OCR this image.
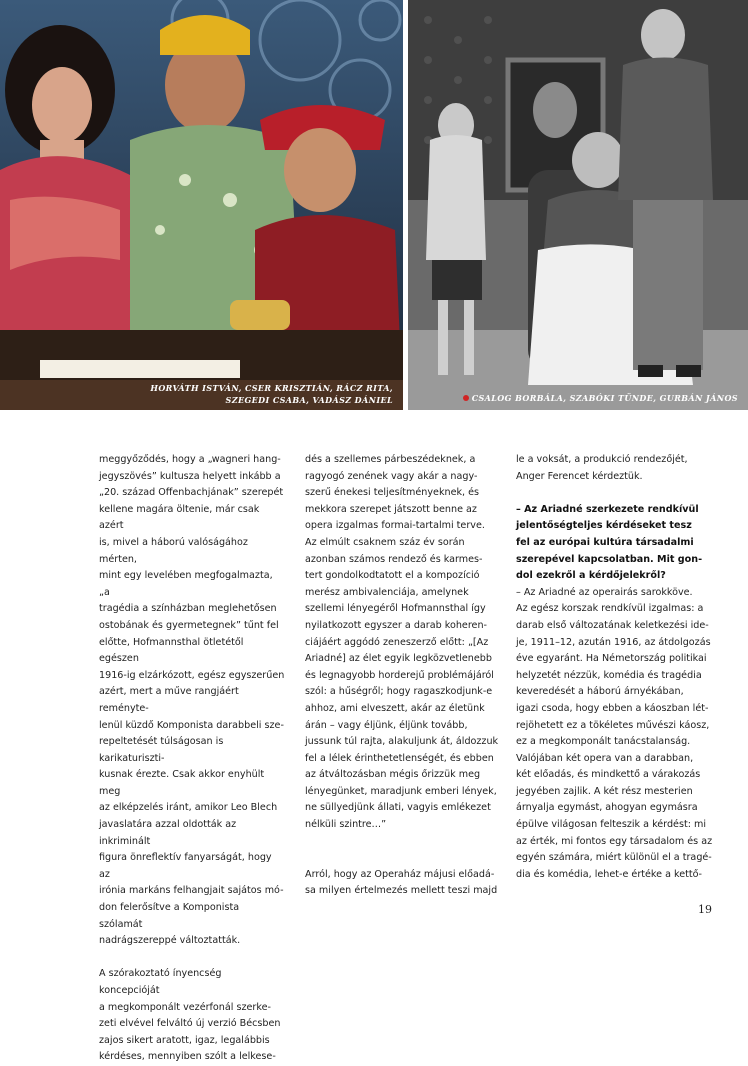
HORVÁTH ISTVÁN, CSER KRISZTIÁN, RÁCZ RITA,
SZEGEDI CSABA, VADÁSZ DÁNIEL	CSALOG BORBÁLA, SZABÓKI TÜNDE, GURBÁN JÁNOS

meggyőződés, hogy a „wagneri hang-

jegyszövés” kultusza helyett inkább a

„20. század Offenbachjának” szerepét

kellene magára öltenie, már csak azért

is, mivel a háború valóságához mérten,

mint egy levelében megfogalmazta, „a

tragédia a színházban meglehetősen

ostobának és gyermetegnek” tűnt fel

előtte, Hofmannsthal ötletétől egészen

1916-ig elzárkózott, egész egyszerűen

azért, mert a műve rangjáért reményte-

lenül küzdő Komponista darabbeli sze-

repeltetését túlságosan is karikaturiszti-

kusnak érezte. Csak akkor enyhült meg

az elképzelés iránt, amikor Leo Blech

javaslatára azzal oldották az inkriminált

figura önreflektív fanyarságát, hogy az

irónia markáns felhangjait sajátos mó-

don felerősítve a Komponista szólamát

nadrágszereppé változtatták.

A szórakoztató ínyencség koncepcióját

a megkomponált vezérfonál szerke-

zeti elvével felváltó új verzió Bécsben

zajos sikert aratott, igaz, legalábbis

kérdéses, mennyiben szólt a lelkese-

dés a szellemes párbeszédeknek, a

ragyogó zenének vagy akár a nagy-

szerű énekesi teljesítményeknek, és

mekkora szerepet játszott benne az

opera izgalmas formai-tartalmi terve.

Az elmúlt csaknem száz év során

azonban számos rendező és karmes-

tert gondolkodtatott el a kompozíció

merész ambivalenciája, amelynek

szellemi lényegéről Hofmannsthal így

nyilatkozott egyszer a darab koheren-

ciájáért aggódó zeneszerző előtt: „[Az

Ariadné] az élet egyik legközvetlenebb

és legnagyobb horderejű problémájáról

szól: a hűségről; hogy ragaszkodjunk-e

ahhoz, ami elveszett, akár az életünk

árán – vagy éljünk, éljünk tovább,

jussunk túl rajta, alakuljunk át, áldozzuk

fel a lélek érinthetetlenségét, és ebben

az átváltozásban mégis őrizzük meg

lényegünket, maradjunk emberi lények,

ne süllyedjünk állati, vagyis emlékezet

nélküli szintre…”

Arról, hogy az Operaház májusi előadá-

sa milyen értelmezés mellett teszi majd

le a voksát, a produkció rendezőjét,

Anger Ferencet kérdeztük.

– Az Ariadné szerkezete rendkívül

jelentőségteljes kérdéseket tesz

fel az európai kultúra társadalmi

szerepével kapcsolatban. Mit gon-

dol ezekről a kérdőjelekről?

– Az Ariadné az operairás sarokköve.

Az egész korszak rendkívül izgalmas: a

darab első változatának keletkezési ide-

je, 1911–12, azután 1916, az átdolgozás

éve egyaránt. Ha Németország politikai

helyzetét nézzük, komédia és tragédia

keveredését a háború árnyékában,

igazi csoda, hogy ebben a káoszban lét-

rejöhetett ez a tökéletes művészi káosz,

ez a megkomponált tanácstalanság.

Valójában két opera van a darabban,

két előadás, és mindkettő a várakozás

jegyében zajlik. A két rész mesterien

árnyalja egymást, ahogyan egymásra

épülve világosan felteszik a kérdést: mi

az érték, mi fontos egy társadalom és az

egyén számára, miért különül el a tragé-

dia és komédia, lehet-e értéke a kettő-

19
